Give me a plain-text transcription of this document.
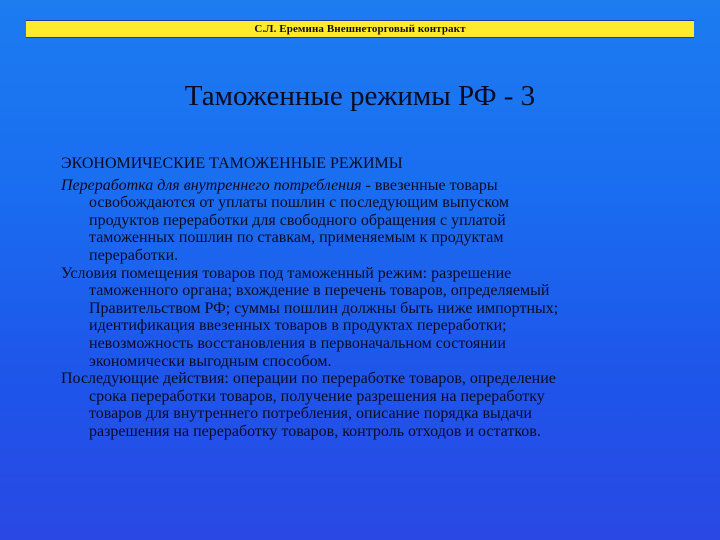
С.Л. Еремина Внешнеторговый контракт
Таможенные режимы РФ - 3
ЭКОНОМИЧЕСКИЕ ТАМОЖЕННЫЕ РЕЖИМЫ
Переработка для внутреннего потребления - ввезенные товары
освобождаются от уплаты пошлин с последующим выпуском
продуктов переработки для свободного обращения с уплатой
таможенных пошлин по ставкам, применяемым к продуктам
переработки.
Условия помещения товаров под таможенный режим: разрешение
таможенного органа; вхождение в перечень товаров, определяемый
Правительством РФ; суммы пошлин должны быть ниже импортных;
идентификация ввезенных товаров в продуктах переработки;
невозможность восстановления в первоначальном состоянии
экономически выгодным способом.
Последующие действия: операции по переработке товаров, определение
срока переработки товаров, получение разрешения на переработку
товаров для внутреннего потребления, описание порядка выдачи
разрешения на переработку товаров, контроль отходов и остатков.
